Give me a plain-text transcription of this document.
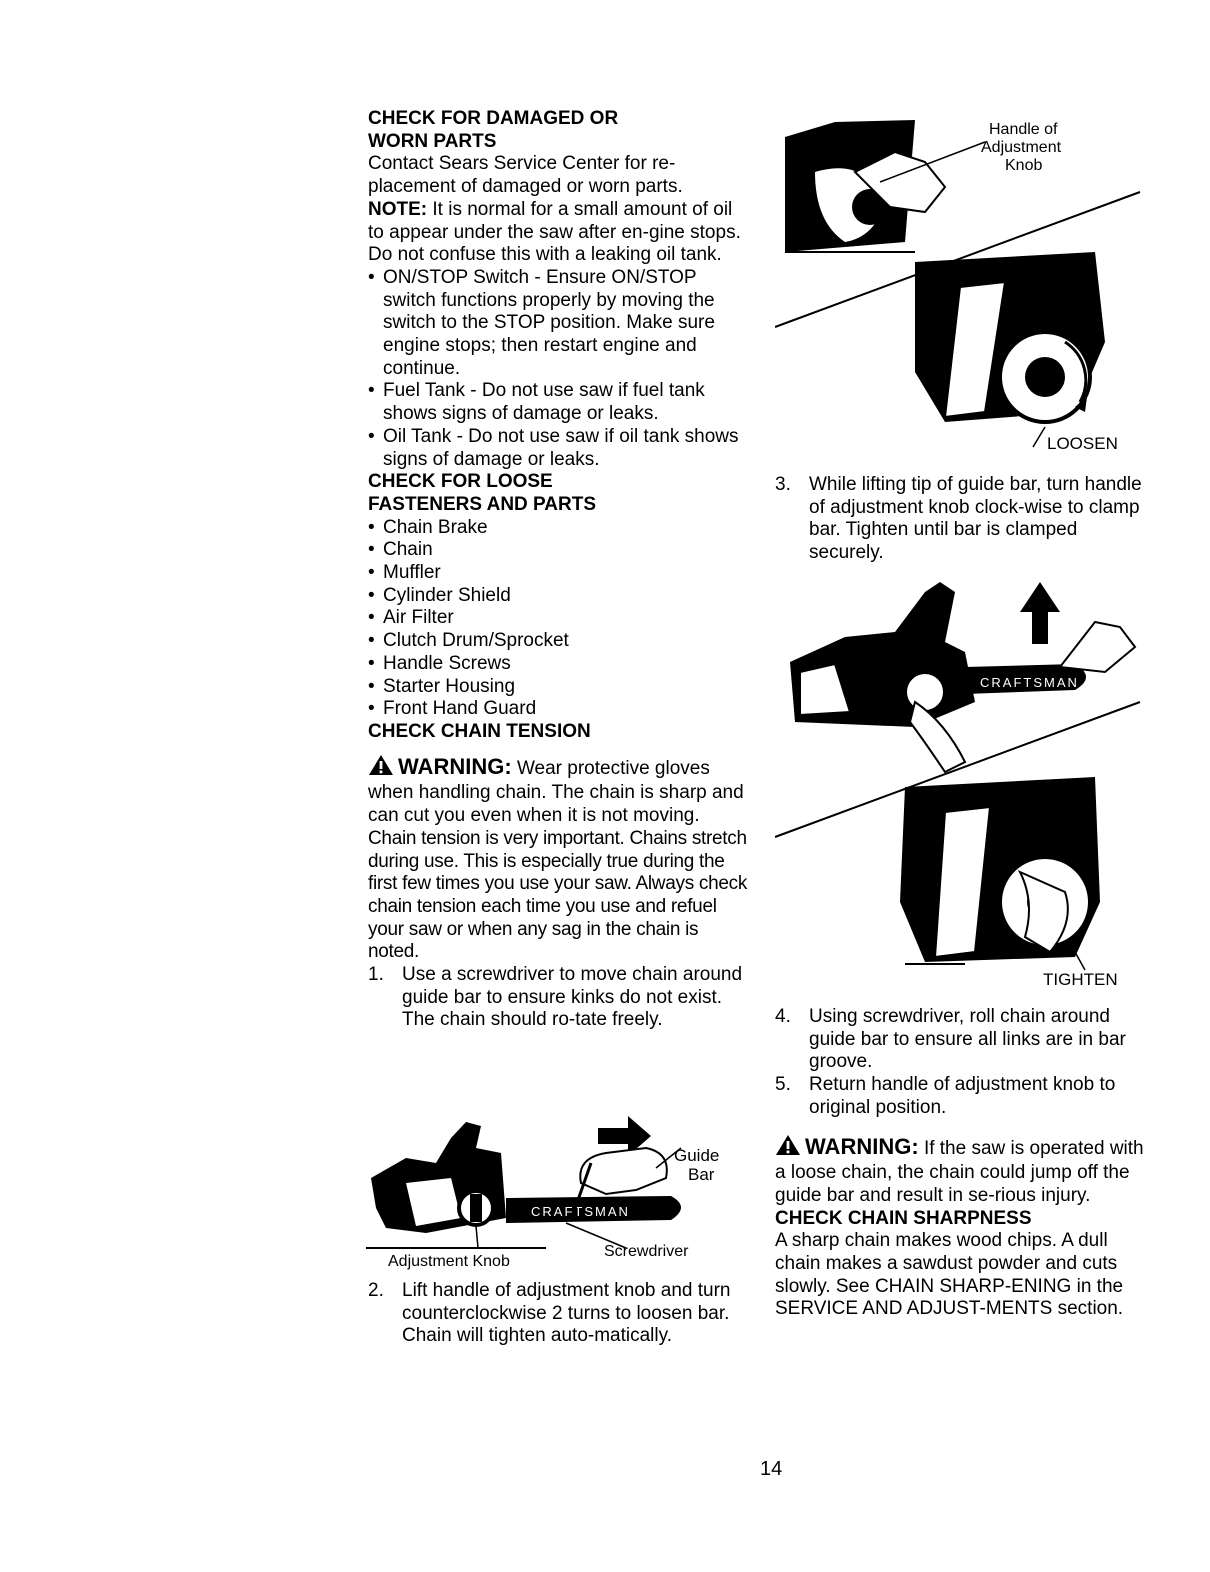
CHECK FOR DAMAGED OR

WORN PARTS

Contact Sears Service Center for re-placement of damaged or worn parts.

NOTE: It is normal for a small amount of oil to appear under the saw after en-gine stops. Do not confuse this with a leaking oil tank.

• ON/STOP Switch - Ensure ON/STOP switch functions properly by moving the switch to the STOP position. Make sure engine stops; then restart engine and continue.
• Fuel Tank - Do not use saw if fuel tank shows signs of damage or leaks.
• Oil Tank - Do not use saw if oil tank shows signs of damage or leaks.

CHECK FOR LOOSE

FASTENERS AND PARTS

• Chain Brake
• Chain
• Muffler
• Cylinder Shield
• Air Filter
• Clutch Drum/Sprocket
• Handle Screws
• Starter Housing
• Front Hand Guard

CHECK CHAIN TENSION

WARNING: Wear protective gloves when handling chain. The chain is sharp and can cut you even when it is not moving.

Chain tension is very important. Chains stretch during use. This is especially true during the first few times you use your saw. Always check chain tension each time you use and refuel your saw or when any sag in the chain is noted.

1. Use a screwdriver to move chain around guide bar to ensure kinks do not exist. The chain should ro-tate freely.
CRAFTSMAN
Guide
Bar
Adjustment Knob
Screwdriver
2. Lift handle of adjustment knob and turn counterclockwise 2 turns to loosen bar. Chain will tighten auto-matically.
Handle of
Adjustment
Knob
LOOSEN
3. While lifting tip of guide bar, turn handle of adjustment knob clock-wise to clamp bar. Tighten until bar is clamped securely.
CRAFTSMAN
TIGHTEN
4. Using screwdriver, roll chain around guide bar to ensure all links are in bar groove.
5. Return handle of adjustment knob to original position.

WARNING: If the saw is operated with a loose chain, the chain could jump off the guide bar and result in se-rious injury.

CHECK CHAIN SHARPNESS

A sharp chain makes wood chips. A dull chain makes a sawdust powder and cuts slowly. See CHAIN SHARP-ENING in the SERVICE AND ADJUST-MENTS section.

14
